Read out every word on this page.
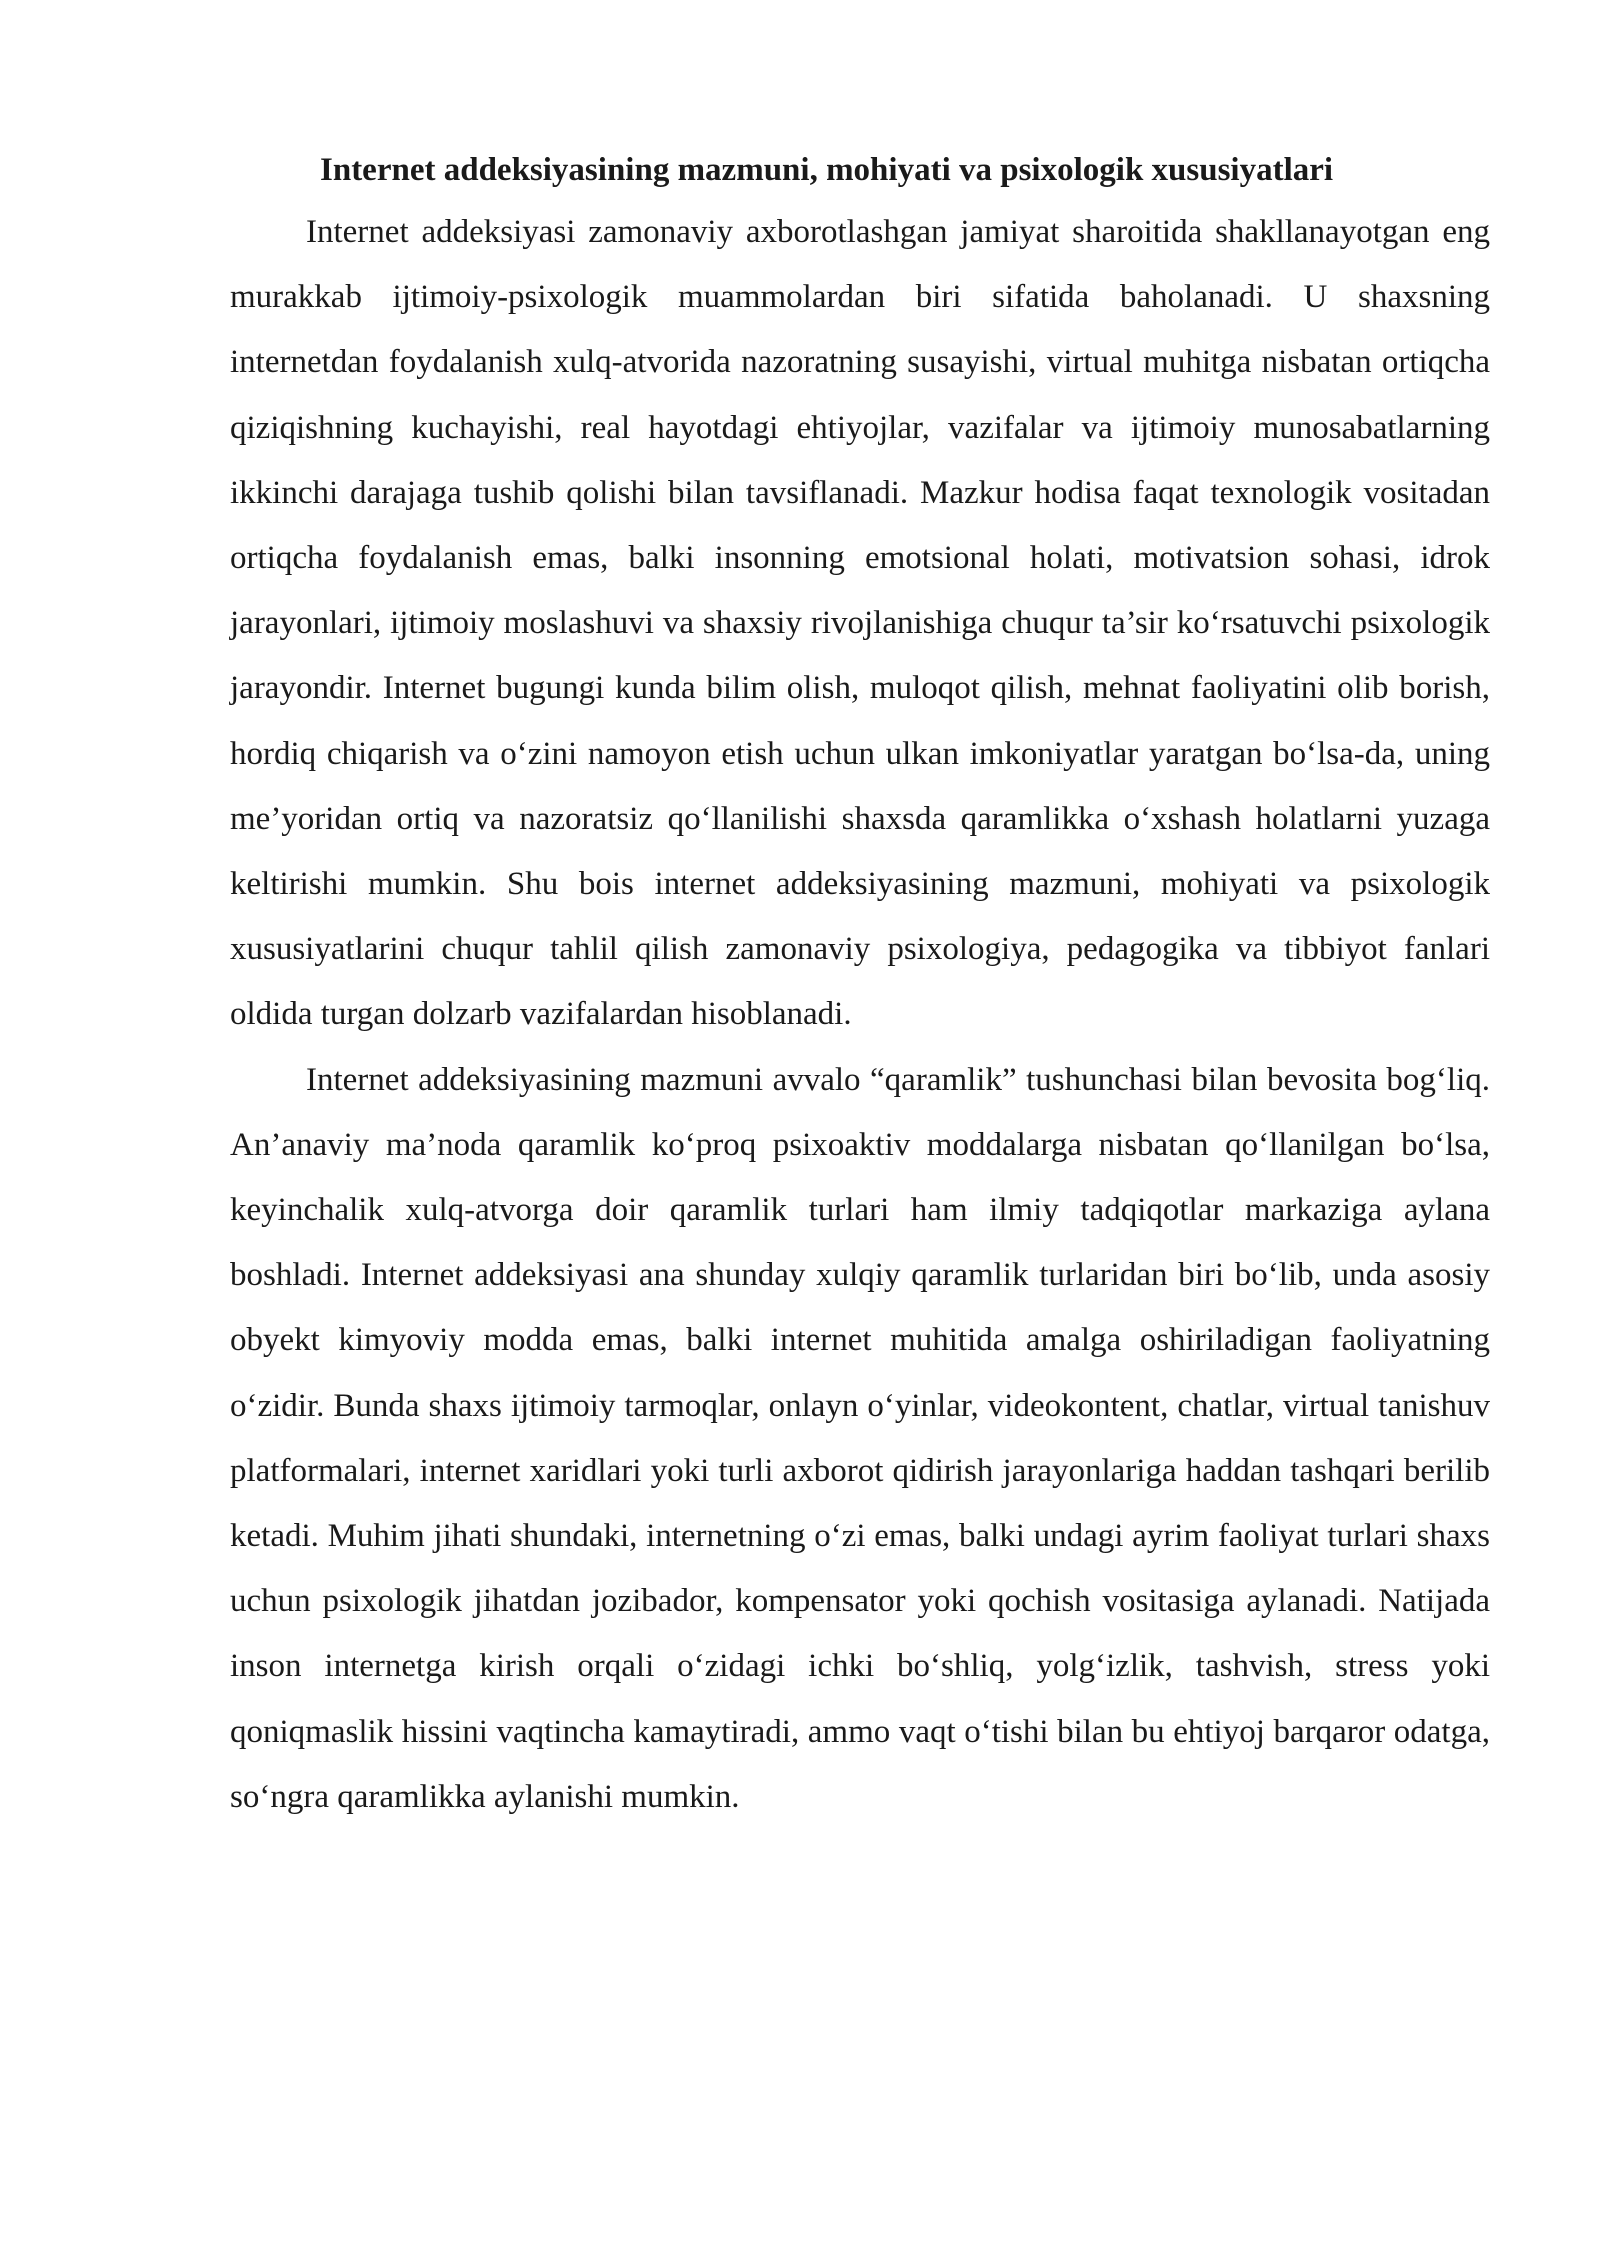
Internet addeksiyasining mazmuni, mohiyati va psixologik xususiyatlari

Internet addeksiyasi zamonaviy axborotlashgan jamiyat sharoitida shakllanayotgan eng murakkab ijtimoiy-psixologik muammolardan biri sifatida baholanadi. U shaxsning internetdan foydalanish xulq-atvorida nazoratning susayishi, virtual muhitga nisbatan ortiqcha qiziqishning kuchayishi, real hayotdagi ehtiyojlar, vazifalar va ijtimoiy munosabatlarning ikkinchi darajaga tushib qolishi bilan tavsiflanadi. Mazkur hodisa faqat texnologik vositadan ortiqcha foydalanish emas, balki insonning emotsional holati, motivatsion sohasi, idrok jarayonlari, ijtimoiy moslashuvi va shaxsiy rivojlanishiga chuqur ta’sir ko‘rsatuvchi psixologik jarayondir. Internet bugungi kunda bilim olish, muloqot qilish, mehnat faoliyatini olib borish, hordiq chiqarish va o‘zini namoyon etish uchun ulkan imkoniyatlar yaratgan bo‘lsa-da, uning me’yoridan ortiq va nazoratsiz qo‘llanilishi shaxsda qaramlikka o‘xshash holatlarni yuzaga keltirishi mumkin. Shu bois internet addeksiyasining mazmuni, mohiyati va psixologik xususiyatlarini chuqur tahlil qilish zamonaviy psixologiya, pedagogika va tibbiyot fanlari oldida turgan dolzarb vazifalardan hisoblanadi.

Internet addeksiyasining mazmuni avvalo “qaramlik” tushunchasi bilan bevosita bog‘liq. An’anaviy ma’noda qaramlik ko‘proq psixoaktiv moddalarga nisbatan qo‘llanilgan bo‘lsa, keyinchalik xulq-atvorga doir qaramlik turlari ham ilmiy tadqiqotlar markaziga aylana boshladi. Internet addeksiyasi ana shunday xulqiy qaramlik turlaridan biri bo‘lib, unda asosiy obyekt kimyoviy modda emas, balki internet muhitida amalga oshiriladigan faoliyatning o‘zidir. Bunda shaxs ijtimoiy tarmoqlar, onlayn o‘yinlar, videokontent, chatlar, virtual tanishuv platformalari, internet xaridlari yoki turli axborot qidirish jarayonlariga haddan tashqari berilib ketadi. Muhim jihati shundaki, internetning o‘zi emas, balki undagi ayrim faoliyat turlari shaxs uchun psixologik jihatdan jozibador, kompensator yoki qochish vositasiga aylanadi. Natijada inson internetga kirish orqali o‘zidagi ichki bo‘shliq, yolg‘izlik, tashvish, stress yoki qoniqmaslik hissini vaqtincha kamaytiradi, ammo vaqt o‘tishi bilan bu ehtiyoj barqaror odatga, so‘ngra qaramlikka aylanishi mumkin.
